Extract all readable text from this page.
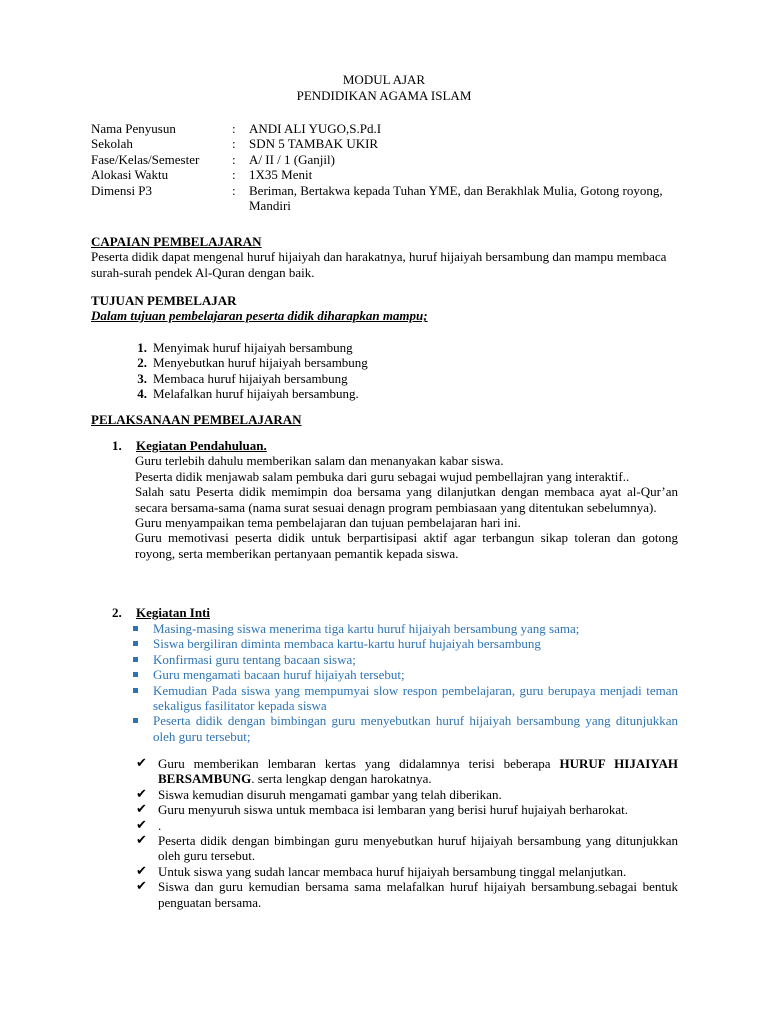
MODUL AJAR
PENDIDIKAN AGAMA ISLAM
Nama Penyusun	:	ANDI ALI YUGO,S.Pd.I
Sekolah	:	SDN 5 TAMBAK UKIR
Fase/Kelas/Semester	:	A/ II / 1 (Ganjil)
Alokasi Waktu	:	1X35 Menit
Dimensi P3	:	Beriman, Bertakwa kepada Tuhan YME, dan Berakhlak Mulia, Gotong royong, Mandiri
CAPAIAN PEMBELAJARAN
Peserta didik dapat mengenal huruf hijaiyah dan harakatnya, huruf hijaiyah bersambung dan mampu membaca surah-surah pendek Al-Quran dengan baik.
TUJUAN PEMBELAJAR
Dalam tujuan pembelajaran peserta didik diharapkan mampu;
1. Menyimak huruf hijaiyah bersambung
2. Menyebutkan huruf hijaiyah bersambung
3. Membaca huruf hijaiyah bersambung
4. Melafalkan huruf hijaiyah bersambung.
PELAKSANAAN PEMBELAJARAN
1.	Kegiatan Pendahuluan.
Guru terlebih dahulu memberikan salam dan menanyakan kabar siswa.
Peserta didik menjawab salam pembuka dari guru sebagai wujud pembellajran yang interaktif..
Salah satu Peserta didik memimpin doa bersama yang dilanjutkan dengan membaca ayat al-Qur’an secara bersama-sama (nama surat sesuai denagn program pembiasaan yang ditentukan sebelumnya).
Guru menyampaikan tema pembelajaran dan tujuan pembelajaran hari ini.
Guru memotivasi peserta didik untuk berpartisipasi aktif agar terbangun sikap toleran dan gotong royong, serta memberikan pertanyaan pemantik kepada siswa.
2.	Kegiatan Inti
Masing-masing siswa menerima tiga kartu huruf hijaiyah bersambung yang sama;
Siswa bergiliran diminta membaca kartu-kartu huruf hujaiyah bersambung
Konfirmasi guru tentang bacaan siswa;
Guru mengamati bacaan huruf hijaiyah tersebut;
Kemudian Pada siswa yang mempumyai slow respon pembelajaran, guru berupaya menjadi teman sekaligus fasilitator kepada siswa
Peserta didik dengan bimbingan guru menyebutkan huruf hijaiyah bersambung yang ditunjukkan oleh guru tersebut;
✔ Guru memberikan lembaran kertas yang didalamnya terisi beberapa HURUF HIJAIYAH BERSAMBUNG. serta lengkap dengan harokatnya.
✔ Siswa kemudian disuruh mengamati gambar yang telah diberikan.
✔ Guru menyuruh siswa untuk membaca isi lembaran yang berisi huruf hujaiyah berharokat.
✔ .
✔ Peserta didik dengan bimbingan guru menyebutkan huruf hijaiyah bersambung yang ditunjukkan oleh guru tersebut.
✔ Untuk siswa yang sudah lancar membaca huruf hijaiyah bersambung tinggal melanjutkan.
✔ Siswa dan guru kemudian bersama sama melafalkan huruf hijaiyah bersambung.sebagai bentuk penguatan bersama.
